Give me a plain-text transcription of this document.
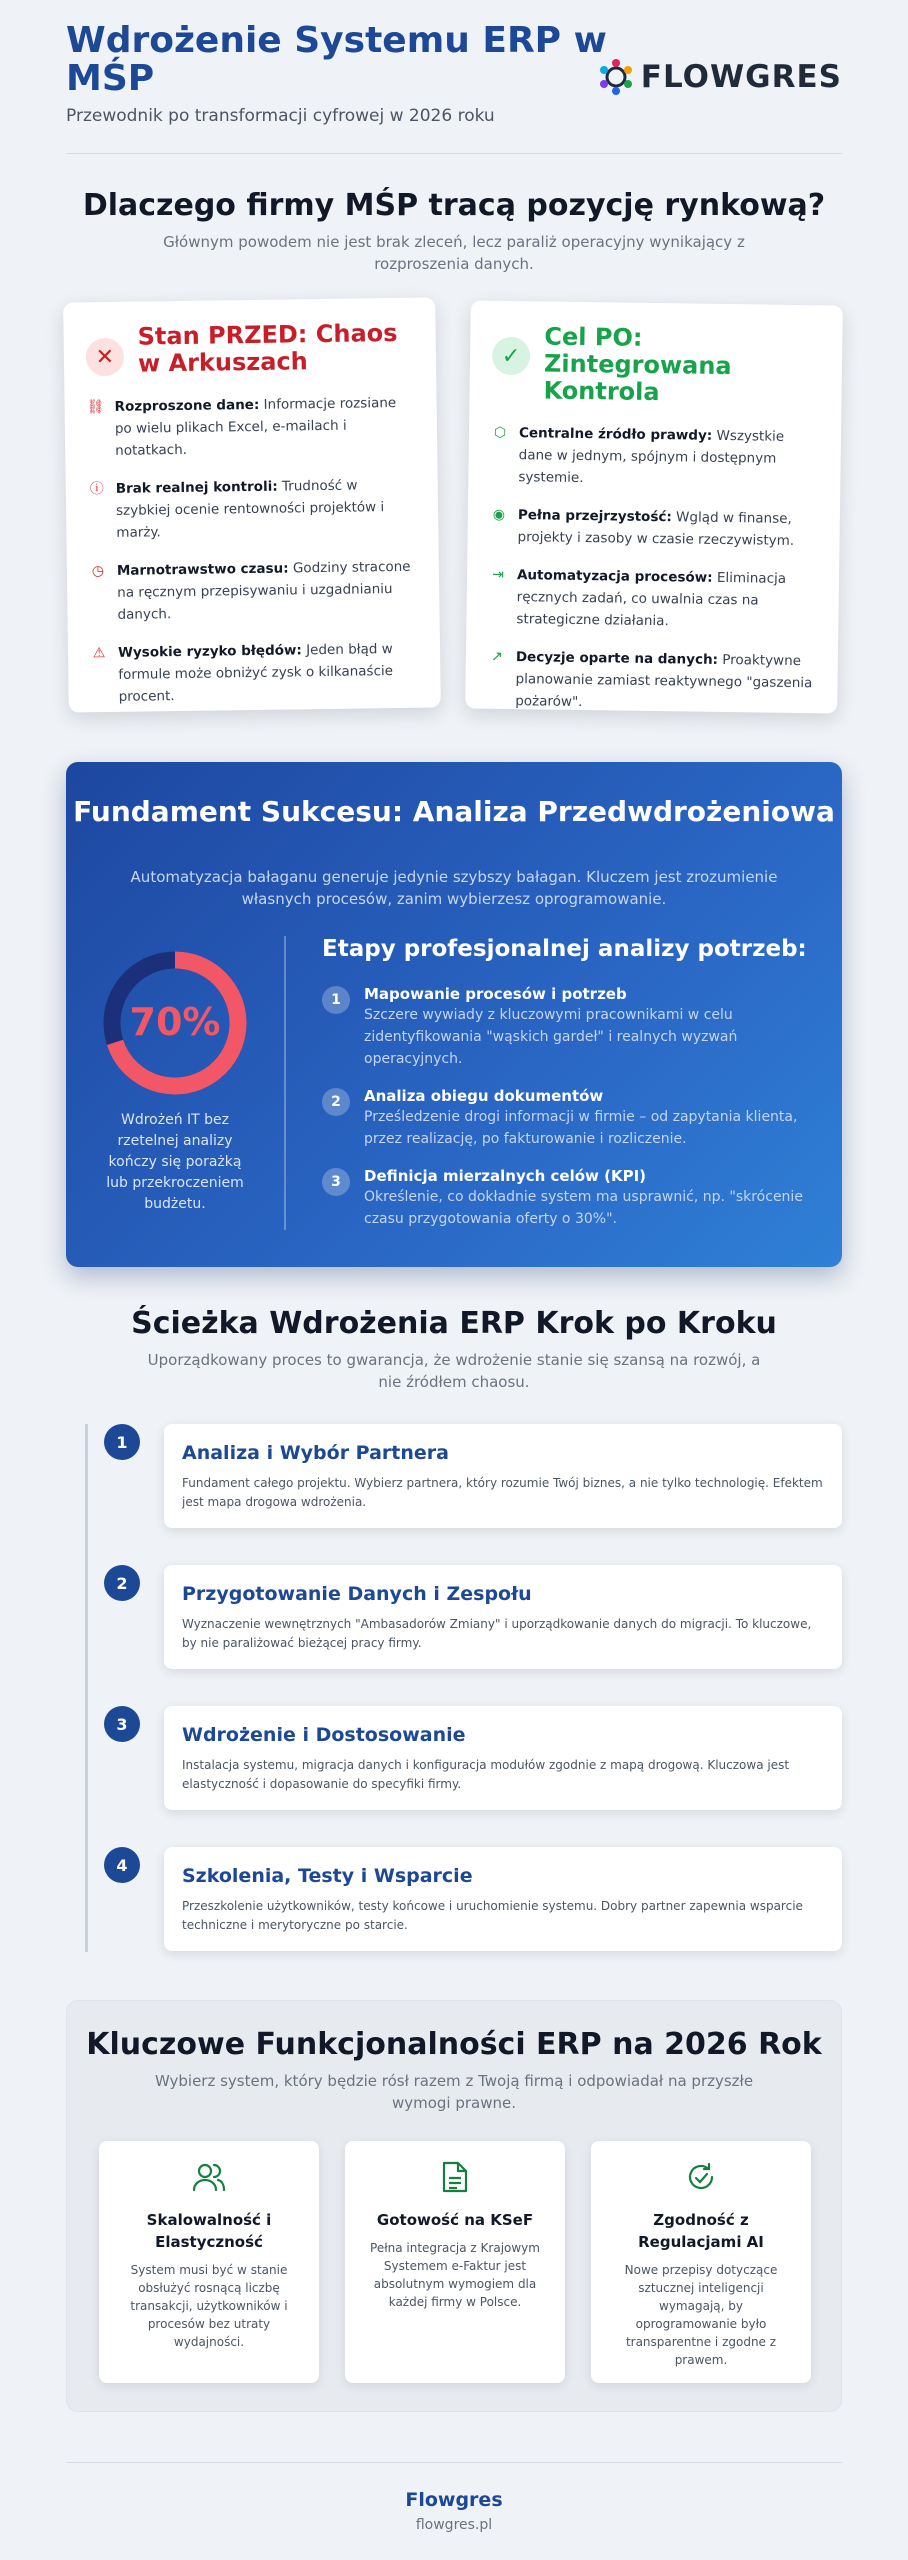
Wdrożenie Systemu ERP w MŚP
Przewodnik po transformacji cyfrowej w 2026 roku
FLOWGRES
Dlaczego firmy MŚP tracą pozycję rynkową?

Głównym powodem nie jest brak zleceń, lecz paraliż operacyjny wynikający z rozproszenia danych.

✕
Stan PRZED: Chaos w Arkuszach
⛓ Rozproszone dane: Informacje rozsiane po wielu plikach Excel, e-mailach i notatkach.

ⓘ Brak realnej kontroli: Trudność w szybkiej ocenie rentowności projektów i marży.

◷ Marnotrawstwo czasu: Godziny stracone na ręcznym przepisywaniu i uzgadnianiu danych.

⚠ Wysokie ryzyko błędów: Jeden błąd w formule może obniżyć zysk o kilkanaście procent.

✓
Cel PO: Zintegrowana Kontrola
⬡ Centralne źródło prawdy: Wszystkie dane w jednym, spójnym i dostępnym systemie.

◉ Pełna przejrzystość: Wgląd w finanse, projekty i zasoby w czasie rzeczywistym.

⇥ Automatyzacja procesów: Eliminacja ręcznych zadań, co uwalnia czas na strategiczne działania.

↗ Decyzje oparte na danych: Proaktywne planowanie zamiast reaktywnego "gaszenia pożarów".

Fundament Sukcesu: Analiza Przedwdrożeniowa

Automatyzacja bałaganu generuje jedynie szybszy bałagan. Kluczem jest zrozumienie własnych procesów, zanim wybierzesz oprogramowanie.

70%
Wdrożeń IT bez rzetelnej analizy kończy się porażką lub przekroczeniem budżetu.
Etapy profesjonalnej analizy potrzeb:
1	Mapowanie procesów i potrzeb
Szczere wywiady z kluczowymi pracownikami w celu zidentyfikowania "wąskich gardeł" i realnych wyzwań operacyjnych.
2	Analiza obiegu dokumentów
Prześledzenie drogi informacji w firmie – od zapytania klienta, przez realizację, po fakturowanie i rozliczenie.
3	Definicja mierzalnych celów (KPI)
Określenie, co dokładnie system ma usprawnić, np. "skrócenie czasu przygotowania oferty o 30%".
Ścieżka Wdrożenia ERP Krok po Kroku

Uporządkowany proces to gwarancja, że wdrożenie stanie się szansą na rozwój, a nie źródłem chaosu.

1	Analiza i Wybór Partnera
Fundament całego projektu. Wybierz partnera, który rozumie Twój biznes, a nie tylko technologię. Efektem jest mapa drogowa wdrożenia.
2	Przygotowanie Danych i Zespołu
Wyznaczenie wewnętrznych "Ambasadorów Zmiany" i uporządkowanie danych do migracji. To kluczowe, by nie paraliżować bieżącej pracy firmy.
3	Wdrożenie i Dostosowanie
Instalacja systemu, migracja danych i konfiguracja modułów zgodnie z mapą drogową. Kluczowa jest elastyczność i dopasowanie do specyfiki firmy.
4	Szkolenia, Testy i Wsparcie
Przeszkolenie użytkowników, testy końcowe i uruchomienie systemu. Dobry partner zapewnia wsparcie techniczne i merytoryczne po starcie.
Kluczowe Funkcjonalności ERP na 2026 Rok

Wybierz system, który będzie rósł razem z Twoją firmą i odpowiadał na przyszłe wymogi prawne.

Skalowalność i Elastyczność
System musi być w stanie obsłużyć rosnącą liczbę transakcji, użytkowników i procesów bez utraty wydajności.
Gotowość na KSeF
Pełna integracja z Krajowym Systemem e-Faktur jest absolutnym wymogiem dla każdej firmy w Polsce.
Zgodność z Regulacjami AI
Nowe przepisy dotyczące sztucznej inteligencji wymagają, by oprogramowanie było transparentne i zgodne z prawem.
Flowgres
flowgres.pl
